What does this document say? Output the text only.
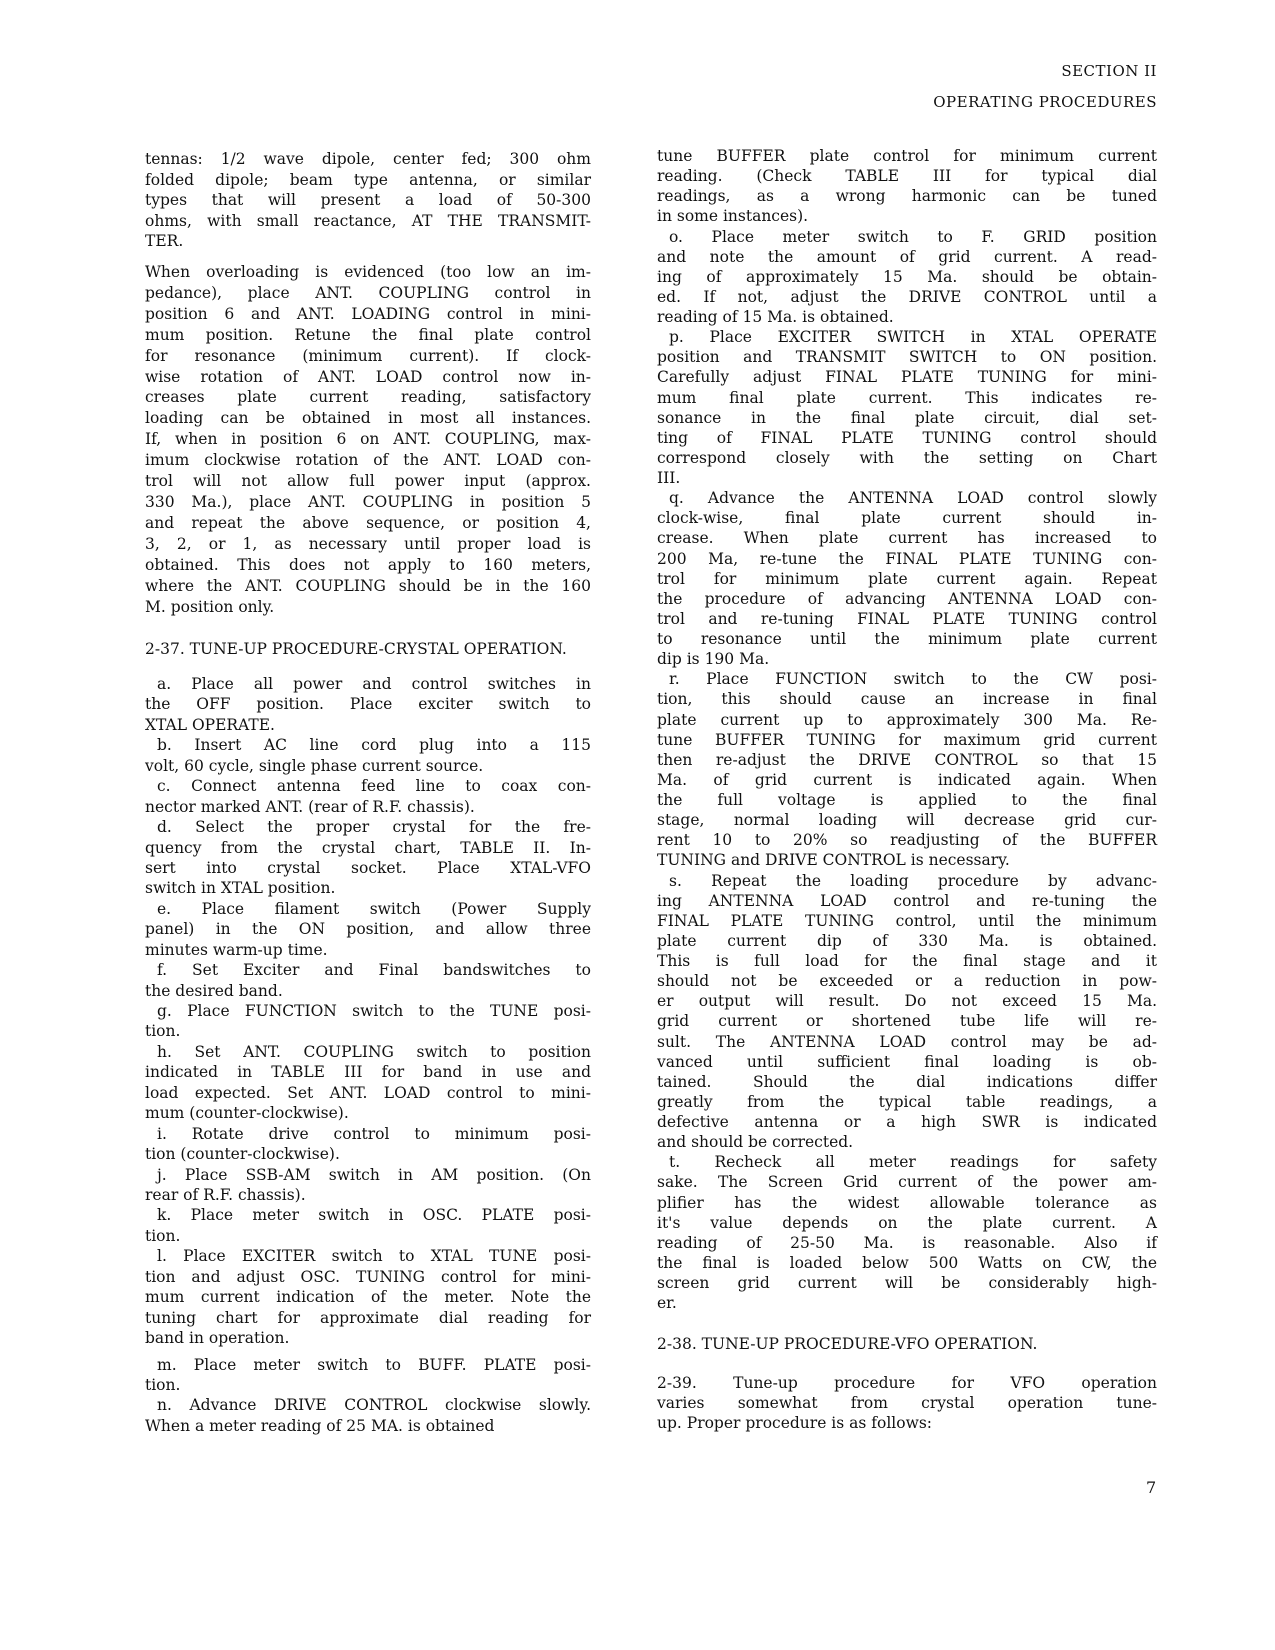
SECTION II
OPERATING PROCEDURES
tennas: 1/2 wave dipole, center fed; 300 ohm
folded dipole; beam type antenna, or similar
types that will present a load of 50-300
ohms, with small reactance, AT THE TRANSMIT-
TER.
When overloading is evidenced (too low an im-
pedance), place ANT. COUPLING control in
position 6 and ANT. LOADING control in mini-
mum position. Retune the final plate control
for resonance (minimum current). If clock-
wise rotation of ANT. LOAD control now in-
creases plate current reading, satisfactory
loading can be obtained in most all instances.
If, when in position 6 on ANT. COUPLING, max-
imum clockwise rotation of the ANT. LOAD con-
trol will not allow full power input (approx.
330 Ma.), place ANT. COUPLING in position 5
and repeat the above sequence, or position 4,
3, 2, or 1, as necessary until proper load is
obtained. This does not apply to 160 meters,
where the ANT. COUPLING should be in the 160
M. position only.
2-37. TUNE-UP PROCEDURE-CRYSTAL OPERATION.
a. Place all power and control switches in
the OFF position. Place exciter switch to
XTAL OPERATE.
b. Insert AC line cord plug into a 115
volt, 60 cycle, single phase current source.
c. Connect antenna feed line to coax con-
nector marked ANT. (rear of R.F. chassis).
d. Select the proper crystal for the fre-
quency from the crystal chart, TABLE II. In-
sert into crystal socket. Place XTAL-VFO
switch in XTAL position.
e. Place filament switch (Power Supply
panel) in the ON position, and allow three
minutes warm-up time.
f. Set Exciter and Final bandswitches to
the desired band.
g. Place FUNCTION switch to the TUNE posi-
tion.
h. Set ANT. COUPLING switch to position
indicated in TABLE III for band in use and
load expected. Set ANT. LOAD control to mini-
mum (counter-clockwise).
i. Rotate drive control to minimum posi-
tion (counter-clockwise).
j. Place SSB-AM switch in AM position. (On
rear of R.F. chassis).
k. Place meter switch in OSC. PLATE posi-
tion.
l. Place EXCITER switch to XTAL TUNE posi-
tion and adjust OSC. TUNING control for mini-
mum current indication of the meter. Note the
tuning chart for approximate dial reading for
band in operation.
m. Place meter switch to BUFF. PLATE posi-
tion.
n. Advance DRIVE CONTROL clockwise slowly.
When a meter reading of 25 MA. is obtained
tune BUFFER plate control for minimum current
reading. (Check TABLE III for typical dial
readings, as a wrong harmonic can be tuned
in some instances).
o. Place meter switch to F. GRID position
and note the amount of grid current. A read-
ing of approximately 15 Ma. should be obtain-
ed. If not, adjust the DRIVE CONTROL until a
reading of 15 Ma. is obtained.
p. Place EXCITER SWITCH in XTAL OPERATE
position and TRANSMIT SWITCH to ON position.
Carefully adjust FINAL PLATE TUNING for mini-
mum final plate current. This indicates re-
sonance in the final plate circuit, dial set-
ting of FINAL PLATE TUNING control should
correspond closely with the setting on Chart
III.
q. Advance the ANTENNA LOAD control slowly
clock-wise, final plate current should in-
crease. When plate current has increased to
200 Ma, re-tune the FINAL PLATE TUNING con-
trol for minimum plate current again. Repeat
the procedure of advancing ANTENNA LOAD con-
trol and re-tuning FINAL PLATE TUNING control
to resonance until the minimum plate current
dip is 190 Ma.
r. Place FUNCTION switch to the CW posi-
tion, this should cause an increase in final
plate current up to approximately 300 Ma. Re-
tune BUFFER TUNING for maximum grid current
then re-adjust the DRIVE CONTROL so that 15
Ma. of grid current is indicated again. When
the full voltage is applied to the final
stage, normal loading will decrease grid cur-
rent 10 to 20% so readjusting of the BUFFER
TUNING and DRIVE CONTROL is necessary.
s. Repeat the loading procedure by advanc-
ing ANTENNA LOAD control and re-tuning the
FINAL PLATE TUNING control, until the minimum
plate current dip of 330 Ma. is obtained.
This is full load for the final stage and it
should not be exceeded or a reduction in pow-
er output will result. Do not exceed 15 Ma.
grid current or shortened tube life will re-
sult. The ANTENNA LOAD control may be ad-
vanced until sufficient final loading is ob-
tained. Should the dial indications differ
greatly from the typical table readings, a
defective antenna or a high SWR is indicated
and should be corrected.
t. Recheck all meter readings for safety
sake. The Screen Grid current of the power am-
plifier has the widest allowable tolerance as
it's value depends on the plate current. A
reading of 25-50 Ma. is reasonable. Also if
the final is loaded below 500 Watts on CW, the
screen grid current will be considerably high-
er.
2-38. TUNE-UP PROCEDURE-VFO OPERATION.
2-39. Tune-up procedure for VFO operation
varies somewhat from crystal operation tune-
up. Proper procedure is as follows:
7
